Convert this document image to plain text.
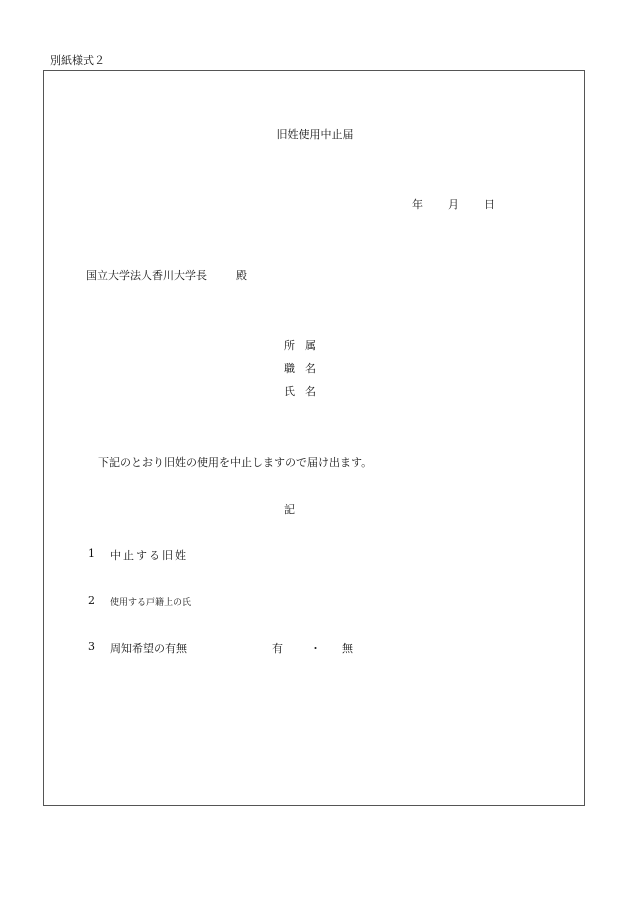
別紙様式２
旧姓使用中止届
年 月 日
国立大学法人香川大学長	殿
所属
職名
氏名
下記のとおり旧姓の使用を中止しますので届け出ます。
記
1 中止する旧姓
2 使用する戸籍上の氏
3 周知希望の有無	有 ・ 無
